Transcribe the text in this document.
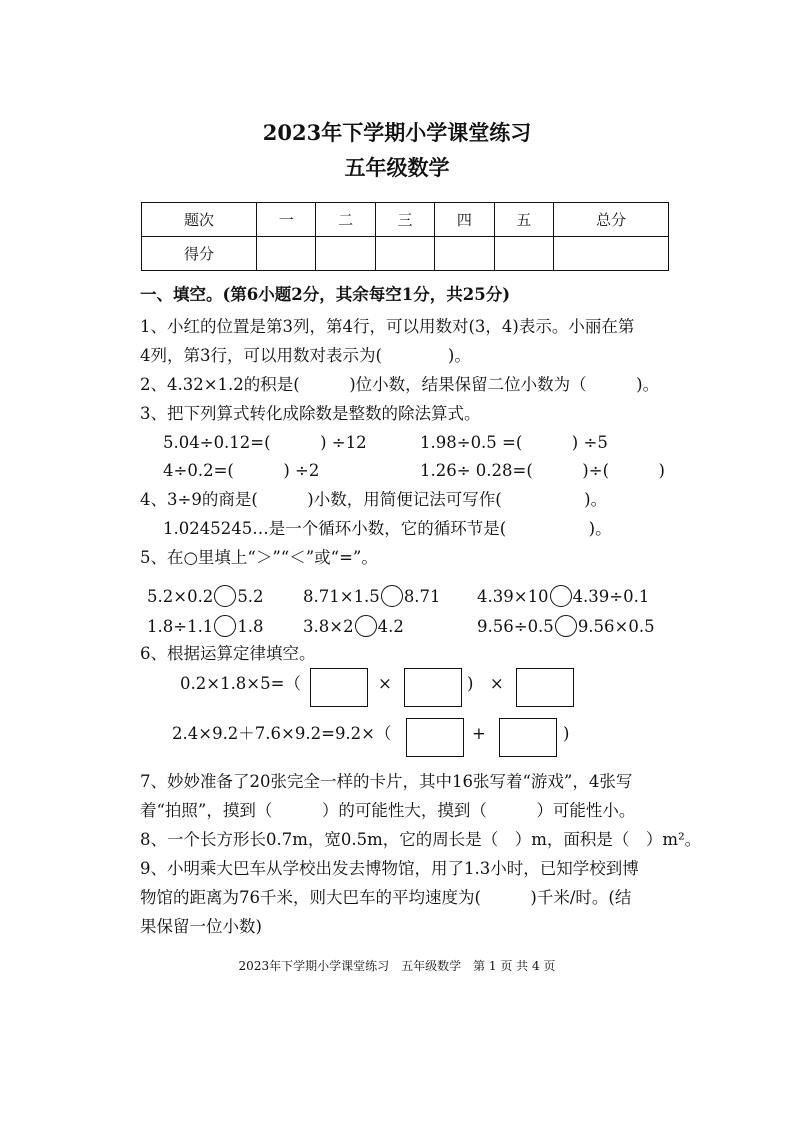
2023年下学期小学课堂练习
五年级数学
题次	一	二	三	四	五	总分
得分						
一、填空。(第6小题2分，其余每空1分，共25分)
1、小红的位置是第3列，第4行，可以用数对(3，4)表示。小丽在第
4列，第3行，可以用数对表示为(　　　　)。
2、4.32×1.2的积是(　　　)位小数，结果保留二位小数为（　　　)。
3、把下列算式转化成除数是整数的除法算式。
5.04÷0.12=(　　　) ÷12	1.98÷0.5 =(　　　) ÷5
4÷0.2=(　　　) ÷2	1.26÷ 0.28=(　　　)÷(　　　)
4、3÷9的商是(　　　)小数，用简便记法可写作(　　　　　)。
1.0245245…是一个循环小数，它的循环节是(　　　　　)。
5、在○里填上“＞”“＜”或“=”。
5.2×0.2 5.2 8.71×1.5 8.71 4.39×10 4.39÷0.1
1.8÷1.1 1.8 3.8×2 4.2	9.56÷0.5 9.56×0.5
6、根据运算定律填空。
0.2×1.8×5=（	×	)　×
2.4×9.2＋7.6×9.2=9.2×（	+	)
7、妙妙准备了20张完全一样的卡片，其中16张写着“游戏”，4张写
着“拍照”，摸到（　　　）的可能性大，摸到（　　　）可能性小。
8、一个长方形长0.7m，宽0.5m，它的周长是（　）m，面积是（　）m²。
9、小明乘大巴车从学校出发去博物馆，用了1.3小时，已知学校到博
物馆的距离为76千米，则大巴车的平均速度为(　　　)千米/时。(结
果保留一位小数)
2023年下学期小学课堂练习　五年级数学　第 1 页 共 4 页
